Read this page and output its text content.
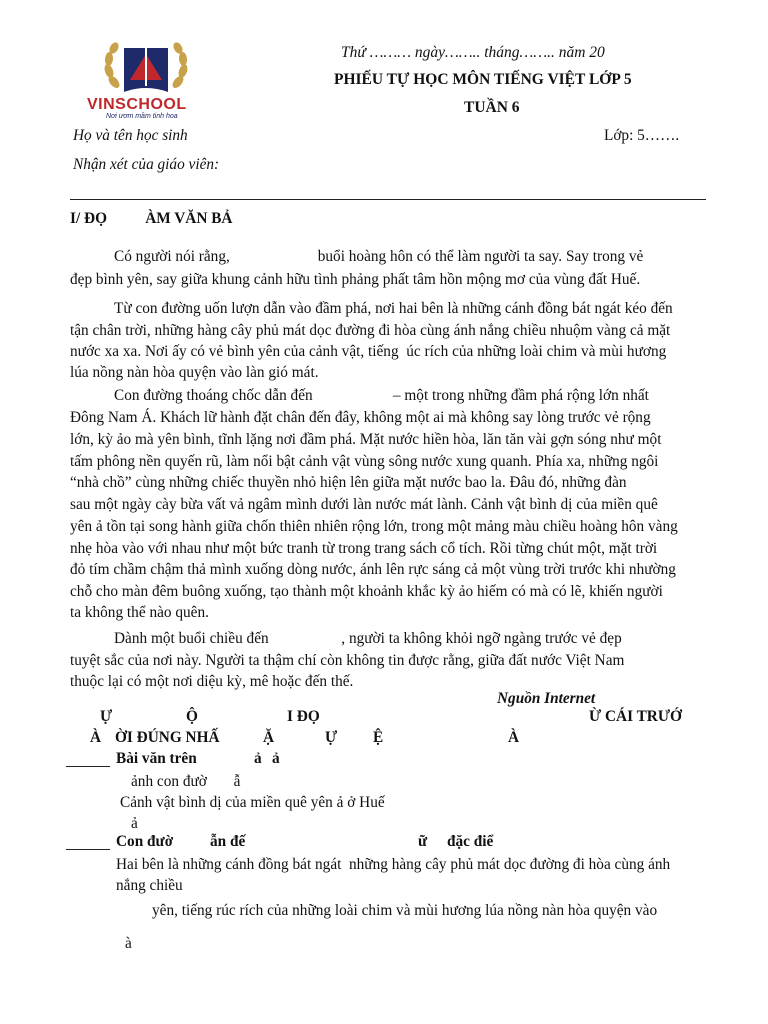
VINSCHOOL
Nơi ươm mầm tinh hoa
Thứ ……… ngày…….. tháng…….. năm 20
PHIẾU TỰ HỌC MÔN TIẾNG VIỆT LỚP 5
TUẦN 6
Họ và tên học sinh	Lớp: 5…….
Nhận xét của giáo viên:
I/ ĐỌ          ÀM VĂN BẢ
Có người nói rằng,                       buổi hoàng hôn có thể làm người ta say. Say trong vẻ
đẹp bình yên, say giữa khung cảnh hữu tình phảng phất tâm hồn mộng mơ của vùng đất Huế.
Từ con đường uốn lượn dẫn vào đầm phá, nơi hai bên là những cánh đồng bát ngát kéo đến
tận chân trời, những hàng cây phủ mát dọc đường đi hòa cùng ánh nắng chiều nhuộm vàng cả mặt
nước xa xa. Nơi ấy có vẻ bình yên của cảnh vật, tiếng  úc rích của những loài chim và mùi hương
lúa nồng nàn hòa quyện vào làn gió mát.
Con đường thoáng chốc dẫn đến                     – một trong những đầm phá rộng lớn nhất
Đông Nam Á. Khách lữ hành đặt chân đến đây, không một ai mà không say lòng trước vẻ rộng
lớn, kỳ ảo mà yên bình, tĩnh lặng nơi đầm phá. Mặt nước hiền hòa, lăn tăn vài gợn sóng như một
tấm phông nền quyến rũ, làm nổi bật cảnh vật vùng sông nước xung quanh. Phía xa, những ngôi
“nhà chồ” cùng những chiếc thuyền nhỏ hiện lên giữa mặt nước bao la. Đâu đó, những đàn
sau một ngày cày bừa vất vả ngâm mình dưới làn nước mát lành. Cảnh vật bình dị của miền quê
yên ả tồn tại song hành giữa chốn thiên nhiên rộng lớn, trong một mảng màu chiều hoàng hôn vàng
nhẹ hòa vào với nhau như một bức tranh từ trong trang sách cổ tích. Rồi từng chút một, mặt trời
đỏ tím chầm chậm thả mình xuống dòng nước, ánh lên rực sáng cả một vùng trời trước khi nhường
chỗ cho màn đêm buông xuống, tạo thành một khoảnh khắc kỳ ảo hiếm có mà có lẽ, khiến người
ta không thể nào quên.
Dành một buổi chiều đến                   , người ta không khỏi ngỡ ngàng trước vẻ đẹp
tuyệt sắc của nơi này. Người ta thậm chí còn không tin được rằng, giữa đất nước Việt Nam
thuộc lại có một nơi diệu kỳ, mê hoặc đến thế.
Nguồn Internet
Ự	Ộ	I ĐỌ	Ừ CÁI TRƯỚ
À ỜI ĐÚNG NHẤ	Ặ	Ự Ệ	À
Bài văn trên	ả ả
ảnh con đườ       ẫ
Cảnh vật bình dị của miền quê yên ả ở Huế
ả
Con đườ ẫn đế	ữ đặc điể
Hai bên là những cánh đồng bát ngát  những hàng cây phủ mát dọc đường đi hòa cùng ánh
nắng chiều
yên, tiếng rúc rích của những loài chim và mùi hương lúa nồng nàn hòa quyện vào
à
